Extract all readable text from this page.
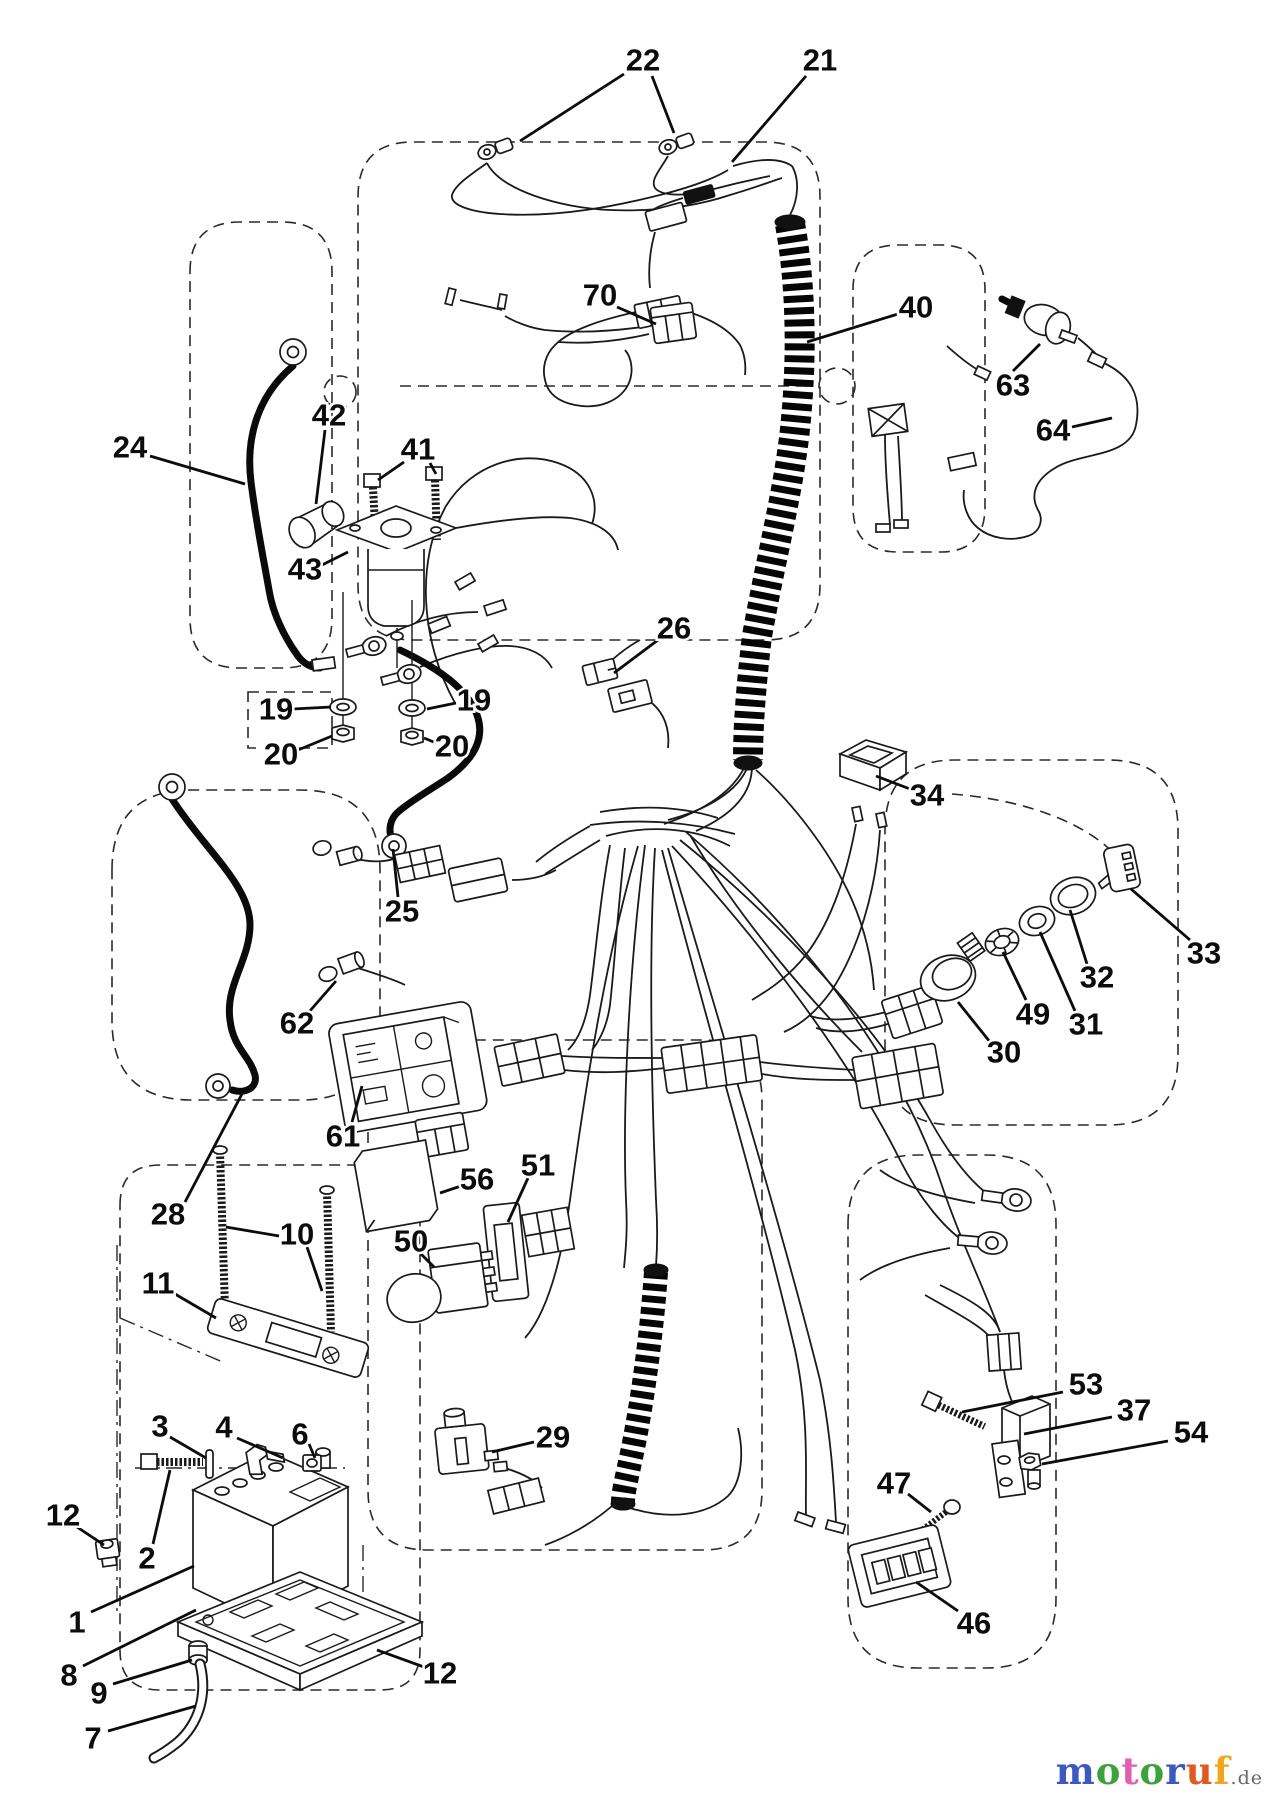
22	21
70	40
63
64
24
42
41
43
26
19	19
20	20
34
33
32
49 31
30
25
62
61
28
10
11
56 51
50
29
3 4 6
12
2
1
8
9
7
12
53
37
54
47
46
motoruf.de
